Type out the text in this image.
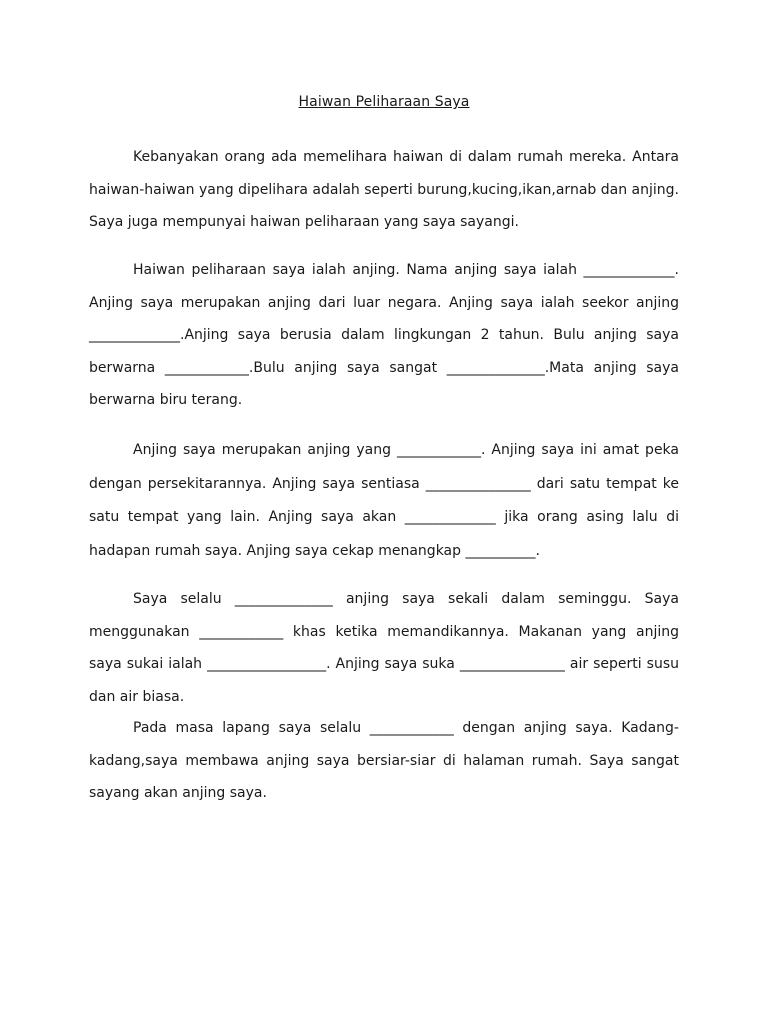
Haiwan Peliharaan Saya

Kebanyakan orang ada memelihara haiwan di dalam rumah mereka. Antara haiwan-haiwan yang dipelihara adalah seperti burung,kucing,ikan,arnab dan anjing. Saya juga mempunyai haiwan peliharaan yang saya sayangi.

Haiwan peliharaan saya ialah anjing. Nama anjing saya ialah _____________. Anjing saya merupakan anjing dari luar negara. Anjing saya ialah seekor anjing _____________.Anjing saya berusia dalam lingkungan 2 tahun. Bulu anjing saya berwarna ____________.Bulu anjing saya sangat ______________.Mata anjing saya berwarna biru terang.

Anjing saya merupakan anjing yang ____________. Anjing saya ini amat peka dengan persekitarannya. Anjing saya sentiasa _______________ dari satu tempat ke satu tempat yang lain. Anjing saya akan _____________ jika orang asing lalu di hadapan rumah saya. Anjing saya cekap menangkap __________.

Saya selalu ______________ anjing saya sekali dalam seminggu. Saya menggunakan ____________ khas ketika memandikannya. Makanan yang anjing saya sukai ialah _________________. Anjing saya suka _______________ air seperti susu dan air biasa.

Pada masa lapang saya selalu ____________ dengan anjing saya. Kadang-kadang,saya membawa anjing saya bersiar-siar di halaman rumah. Saya sangat sayang akan anjing saya.
